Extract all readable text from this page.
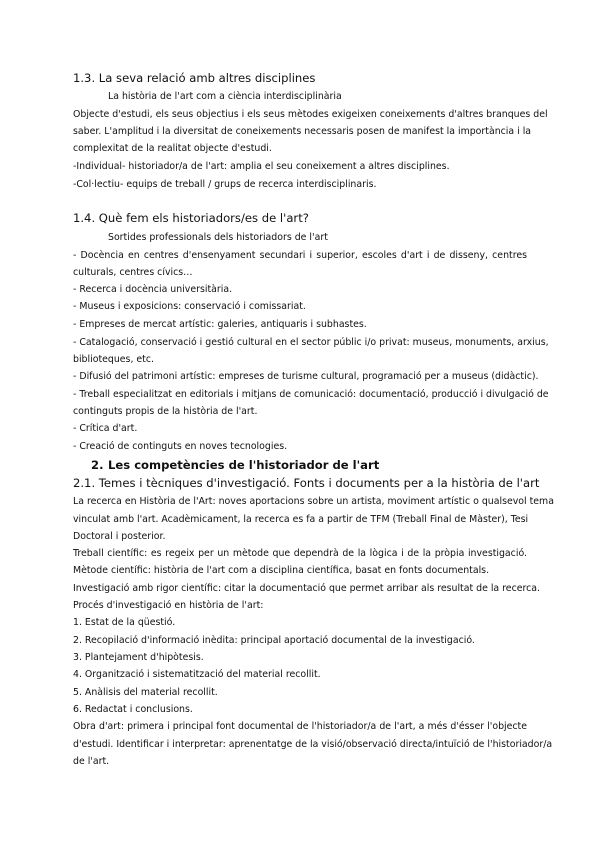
1.3. La seva relació amb altres disciplines
La història de l'art com a ciència interdisciplinària
Objecte d'estudi, els seus objectius i els seus mètodes exigeixen coneixements d'altres branques del
saber. L'amplitud i la diversitat de coneixements necessaris posen de manifest la importància i la
complexitat de la realitat objecte d'estudi.
-Individual- historiador/a de l'art: amplia el seu coneixement a altres disciplines.
-Col·lectiu- equips de treball / grups de recerca interdisciplinaris.
1.4. Què fem els historiadors/es de l'art?
Sortides professionals dels historiadors de l'art
- Docència en centres d'ensenyament secundari i superior, escoles d'art i de disseny, centres
culturals, centres cívics…
- Recerca i docència universitària.
- Museus i exposicions: conservació i comissariat.
- Empreses de mercat artístic: galeries, antiquaris i subhastes.
- Catalogació, conservació i gestió cultural en el sector públic i/o privat: museus, monuments, arxius,
biblioteques, etc.
- Difusió del patrimoni artístic: empreses de turisme cultural, programació per a museus (didàctic).
- Treball especialitzat en editorials i mitjans de comunicació: documentació, producció i divulgació de
continguts propis de la història de l'art.
- Crítica d'art.
- Creació de continguts en noves tecnologies.
2. Les competències de l'historiador de l'art
2.1. Temes i tècniques d'investigació. Fonts i documents per a la història de l'art
La recerca en Història de l'Art: noves aportacions sobre un artista, moviment artístic o qualsevol tema
vinculat amb l'art. Acadèmicament, la recerca es fa a partir de TFM (Treball Final de Màster), Tesi
Doctoral i posterior.
Treball científic: es regeix per un mètode que dependrà de la lògica i de la pròpia investigació.
Mètode científic: història de l'art com a disciplina científica, basat en fonts documentals.
Investigació amb rigor científic: citar la documentació que permet arribar als resultat de la recerca.
Procés d'investigació en història de l'art:
1. Estat de la qüestió.
2. Recopilació d'informació inèdita: principal aportació documental de la investigació.
3. Plantejament d'hipòtesis.
4. Organització i sistematització del material recollit.
5. Anàlisis del material recollit.
6. Redactat i conclusions.
Obra d'art: primera i principal font documental de l'historiador/a de l'art, a més d'ésser l'objecte
d'estudi. Identificar i interpretar: aprenentatge de la visió/observació directa/intuïció de l'historiador/a
de l'art.
